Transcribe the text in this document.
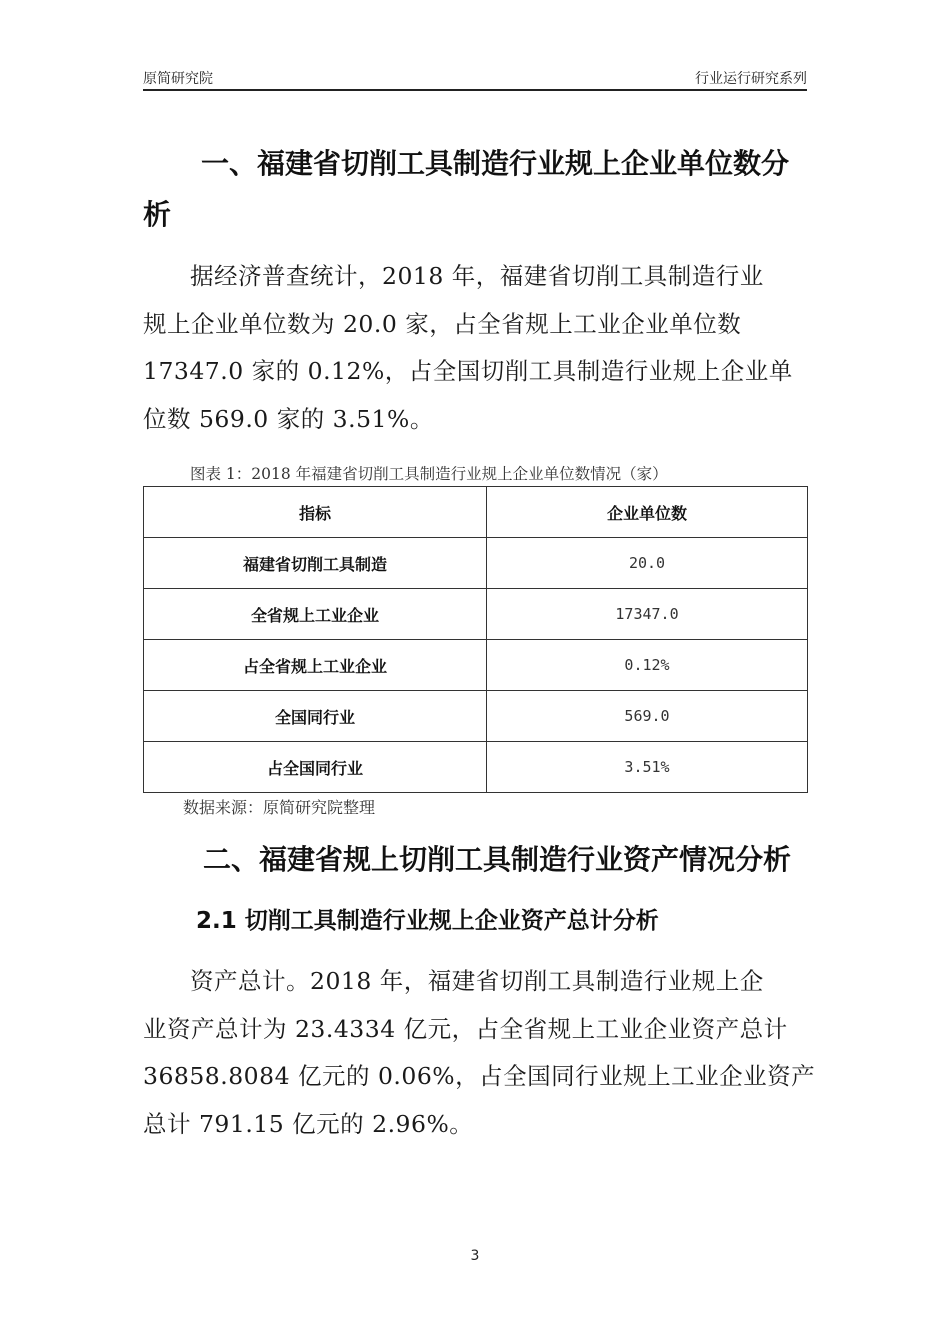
原简研究院	行业运行研究系列
一、福建省切削工具制造行业规上企业单位数分
析

据经济普查统计，2018 年，福建省切削工具制造行业
规上企业单位数为 20.0 家，占全省规上工业企业单位数
17347.0 家的 0.12%，占全国切削工具制造行业规上企业单
位数 569.0 家的 3.51%。

图表 1：2018 年福建省切削工具制造行业规上企业单位数情况（家）
指标	企业单位数
福建省切削工具制造	20.0
全省规上工业企业	17347.0
占全省规上工业企业	0.12%
全国同行业	569.0
占全国同行业	3.51%
数据来源：原简研究院整理
二、福建省规上切削工具制造行业资产情况分析
2.1 切削工具制造行业规上企业资产总计分析

资产总计。2018 年，福建省切削工具制造行业规上企
业资产总计为 23.4334 亿元，占全省规上工业企业资产总计
36858.8084 亿元的 0.06%，占全国同行业规上工业企业资产
总计 791.15 亿元的 2.96%。

3
